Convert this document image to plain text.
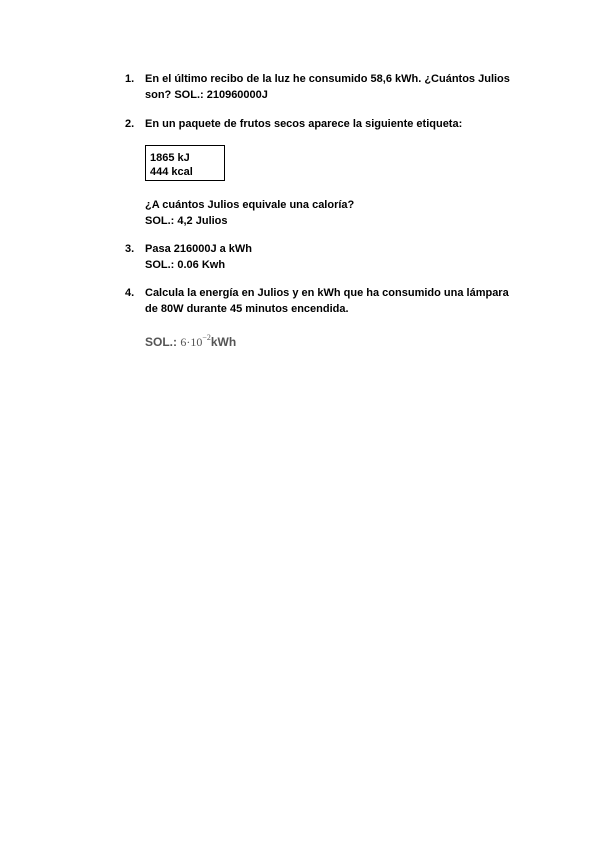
1. En el último recibo de la luz he consumido 58,6 kWh. ¿Cuántos Julios
son? SOL.: 210960000J
2. En un paquete de frutos secos aparece la siguiente etiqueta:
1865 kJ
444 kcal
¿A cuántos Julios equivale una caloría?
SOL.: 4,2 Julios
3. Pasa 216000J a kWh
SOL.: 0.06 Kwh
4. Calcula la energía en Julios y en kWh que ha consumido una lámpara
de 80W durante 45 minutos encendida.
SOL.: $6\cdot 10^{-2}kWh$
